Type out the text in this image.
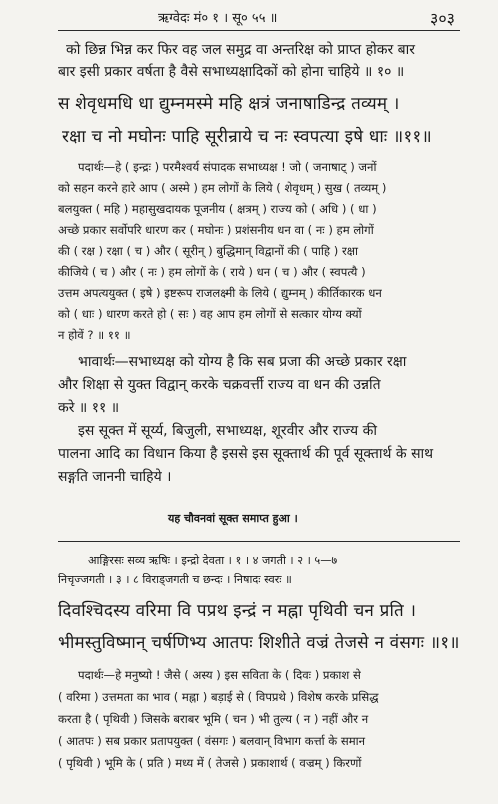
ऋग्वेदः मं० १ । सू० ५५ ॥	३०३
को छिन्न भिन्न कर फिर वह जल समुद्र वा अन्तरिक्ष को प्राप्त होकर बार
बार इसी प्रकार वर्षता है वैसे सभाध्यक्षादिकों को होना चाहिये ॥ १० ॥
स शेवृधमधि धा द्युम्नमस्मे महि क्षत्रं जनाषाडिन्द्र तव्यम् ।
रक्षा च नो मघोनः पाहि सूरीन्राये च नः स्वपत्या इषे धाः ॥११॥
पदार्थः—हे ( इन्द्रः ) परमैश्वर्य संपादक सभाध्यक्ष ! जो ( जनाषाट् ) जनों
को सहन करने हारे आप ( अस्मे ) हम लोगों के लिये ( शेवृधम् ) सुख ( तव्यम् )
बलयुक्त ( महि ) महासुखदायक पूजनीय ( क्षत्रम् ) राज्य को ( अधि ) ( धा )
अच्छे प्रकार सर्वोपरि धारण कर ( मघोनः ) प्रशंसनीय धन वा ( नः ) हम लोगों
की ( रक्ष ) रक्षा ( च ) और ( सूरीन् ) बुद्धिमान् विद्वानों की ( पाहि ) रक्षा
कीजिये ( च ) और ( नः ) हम लोगों के ( राये ) धन ( च ) और ( स्वपत्यै )
उत्तम अपत्ययुक्त ( इषे ) इष्टरूप राजलक्ष्मी के लिये ( द्युम्नम् ) कीर्तिकारक धन
को ( धाः ) धारण करते हो ( सः ) वह आप हम लोगों से सत्कार योग्य क्यों
न होवें ? ॥ ११ ॥
भावार्थः—सभाध्यक्ष को योग्य है कि सब प्रजा की अच्छे प्रकार रक्षा
और शिक्षा से युक्त विद्वान् करके चक्रवर्त्ती राज्य वा धन की उन्नति
करे ॥ ११ ॥
इस सूक्त में सूर्य्य, बिजुली, सभाध्यक्ष, शूरवीर और राज्य की
पालना आदि का विधान किया है इससे इस सूक्तार्थ की पूर्व सूक्तार्थ के साथ
सङ्गति जाननी चाहिये ।
यह चौवनवां सूक्त समाप्त हुआ ।
आङ्गिरसः सव्य ऋषिः । इन्द्रो देवता । १ । ४ जगती । २ । ५—७
निचृज्जगती । ३ । ८ विराड्जगती च छन्दः । निषादः स्वरः ॥
दिवश्चिदस्य वरिमा वि पप्रथ इन्द्रं न मह्ना पृथिवी चन प्रति ।
भीमस्तुविष्मान् चर्षणिभ्य आतपः शिशीते वज्रं तेजसे न वंसगः ॥१॥
पदार्थः—हे मनुष्यो ! जैसे ( अस्य ) इस सविता के ( दिवः ) प्रकाश से
( वरिमा ) उत्तमता का भाव ( मह्ना ) बड़ाई से ( विपप्रथे ) विशेष करके प्रसिद्ध
करता है ( पृथिवी ) जिसके बराबर भूमि ( चन ) भी तुल्य ( न ) नहीं और न
( आतपः ) सब प्रकार प्रतापयुक्त ( वंसगः ) बलवान् विभाग कर्त्ता के समान
( पृथिवी ) भूमि के ( प्रति ) मध्य में ( तेजसे ) प्रकाशार्थ ( वज्रम् ) किरणों
